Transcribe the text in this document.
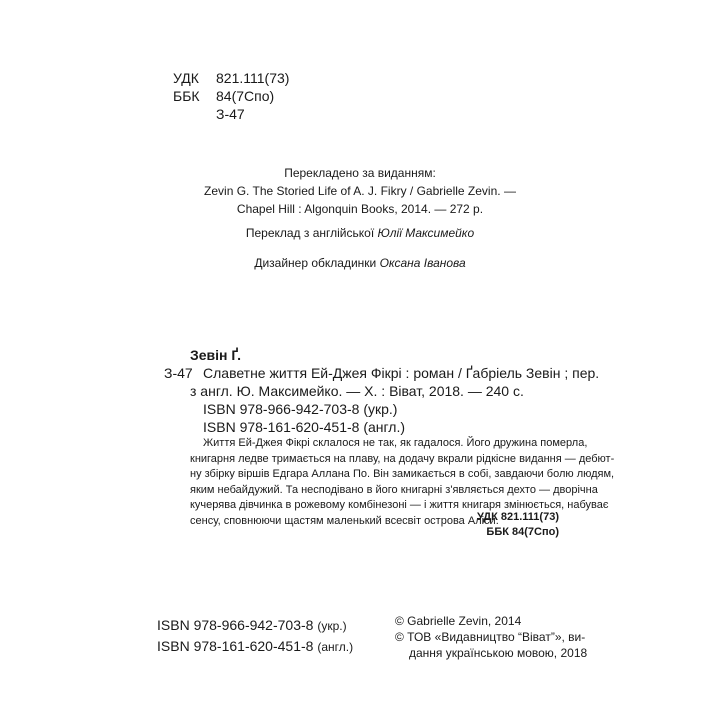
УДК 821.111(73)
ББК 84(7Спо)
З-47
Перекладено за виданням:
Zevin G. The Storied Life of A. J. Fikry / Gabrielle Zevin. —
Chapel Hill : Algonquin Books, 2014. — 272 p.
Переклад з англійської Юлії Максимейко
Дизайнер обкладинки Оксана Іванова
Зевін Ґ.
З-47 Славетне життя Ей-Джея Фікрі : роман / Ґабріель Зевін ; пер.
з англ. Ю. Максимейко. — Х. : Віват, 2018. — 240 с.
ISBN 978-966-942-703-8 (укр.)
ISBN 978-161-620-451-8 (англ.)
Життя Ей-Джея Фікрі склалося не так, як гадалося. Його дружина померла,
книгарня ледве тримається на плаву, на додачу вкрали рідкісне видання — дебют-
ну збірку віршів Едгара Аллана По. Він замикається в собі, завдаючи болю людям,
яким небайдужий. Та несподівано в його книгарні з'являється дехто — дворічна
кучерява дівчинка в рожевому комбінезоні — і життя книгаря змінюється, набуває
сенсу, сповнюючи щастям маленький всесвіт острова Аліси.
УДК 821.111(73)
ББК 84(7Спо)
ISBN 978-966-942-703-8 (укр.)
ISBN 978-161-620-451-8 (англ.)
© Gabrielle Zevin, 2014
© ТОВ «Видавництво “Віват”», ви-
дання українською мовою, 2018
